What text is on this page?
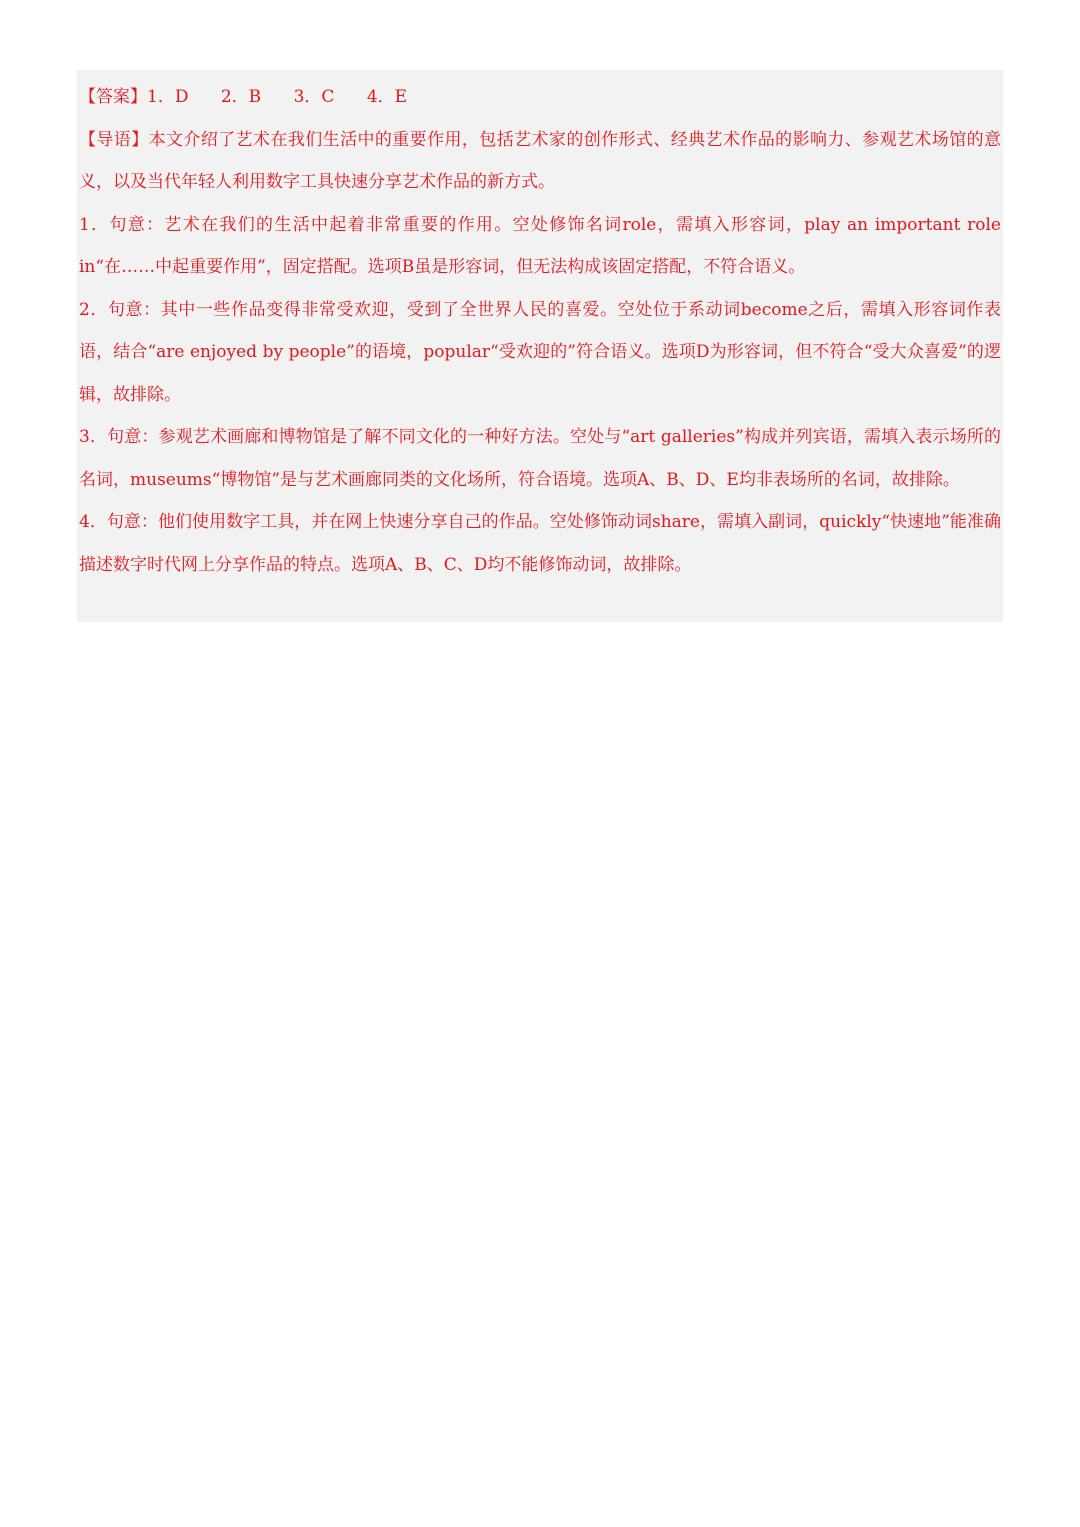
【答案】1．D      2．B      3．C      4．E

【导语】本文介绍了艺术在我们生活中的重要作用，包括艺术家的创作形式、经典艺术作品的影响力、参观艺术场馆的意义，以及当代年轻人利用数字工具快速分享艺术作品的新方式。

1．句意：艺术在我们的生活中起着非常重要的作用。空处修饰名词role，需填入形容词，play an important role in“在……中起重要作用”，固定搭配。选项B虽是形容词，但无法构成该固定搭配，不符合语义。

2．句意：其中一些作品变得非常受欢迎，受到了全世界人民的喜爱。空处位于系动词become之后，需填入形容词作表语，结合“are enjoyed by people”的语境，popular“受欢迎的”符合语义。选项D为形容词，但不符合“受大众喜爱”的逻辑，故排除。

3．句意：参观艺术画廊和博物馆是了解不同文化的一种好方法。空处与“art galleries”构成并列宾语，需填入表示场所的名词，museums“博物馆”是与艺术画廊同类的文化场所，符合语境。选项A、B、D、E均非表场所的名词，故排除。

4．句意：他们使用数字工具，并在网上快速分享自己的作品。空处修饰动词share，需填入副词，quickly“快速地”能准确描述数字时代网上分享作品的特点。选项A、B、C、D均不能修饰动词，故排除。
